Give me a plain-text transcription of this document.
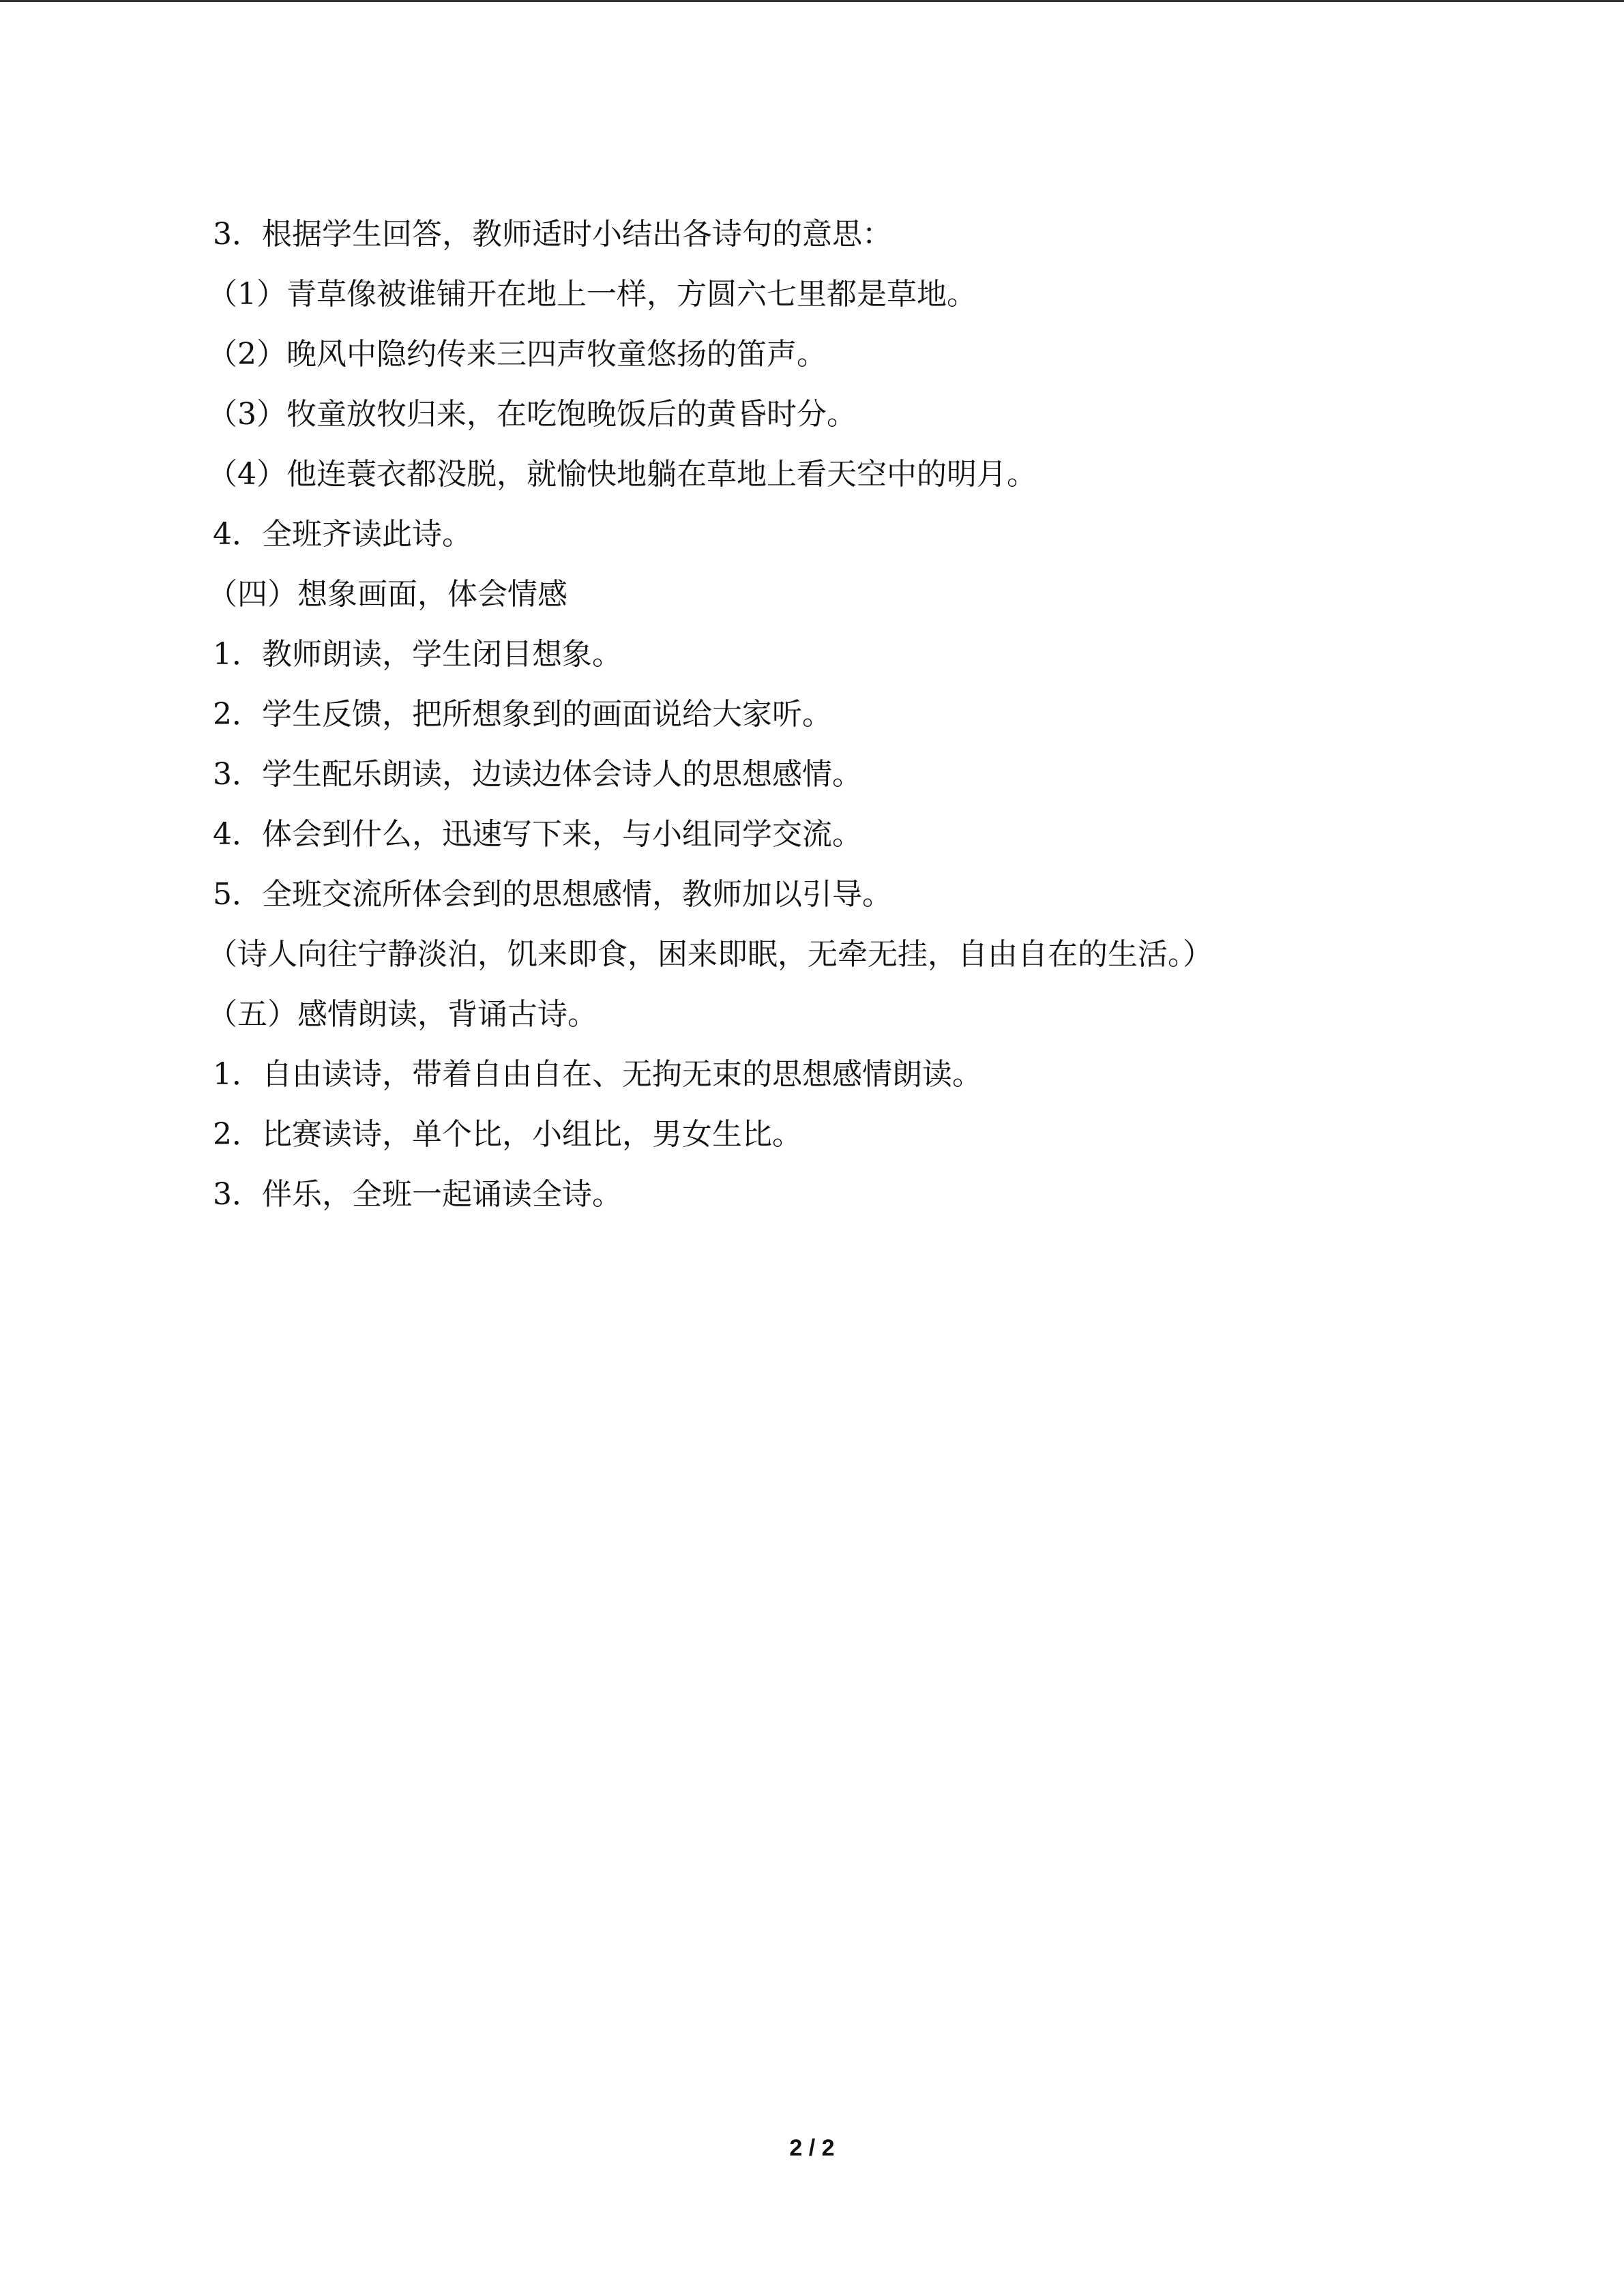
3．根据学生回答，教师适时小结出各诗句的意思：
（1）青草像被谁铺开在地上一样，方圆六七里都是草地。
（2）晚风中隐约传来三四声牧童悠扬的笛声。
（3）牧童放牧归来，在吃饱晚饭后的黄昏时分。
（4）他连蓑衣都没脱，就愉快地躺在草地上看天空中的明月。
4．全班齐读此诗。
（四）想象画面，体会情感
1．教师朗读，学生闭目想象。
2．学生反馈，把所想象到的画面说给大家听。
3．学生配乐朗读，边读边体会诗人的思想感情。
4．体会到什么，迅速写下来，与小组同学交流。
5．全班交流所体会到的思想感情，教师加以引导。
（诗人向往宁静淡泊，饥来即食，困来即眠，无牵无挂，自由自在的生活。）
（五）感情朗读，背诵古诗。
1．自由读诗，带着自由自在、无拘无束的思想感情朗读。
2．比赛读诗，单个比，小组比，男女生比。
3．伴乐，全班一起诵读全诗。
2 / 2
